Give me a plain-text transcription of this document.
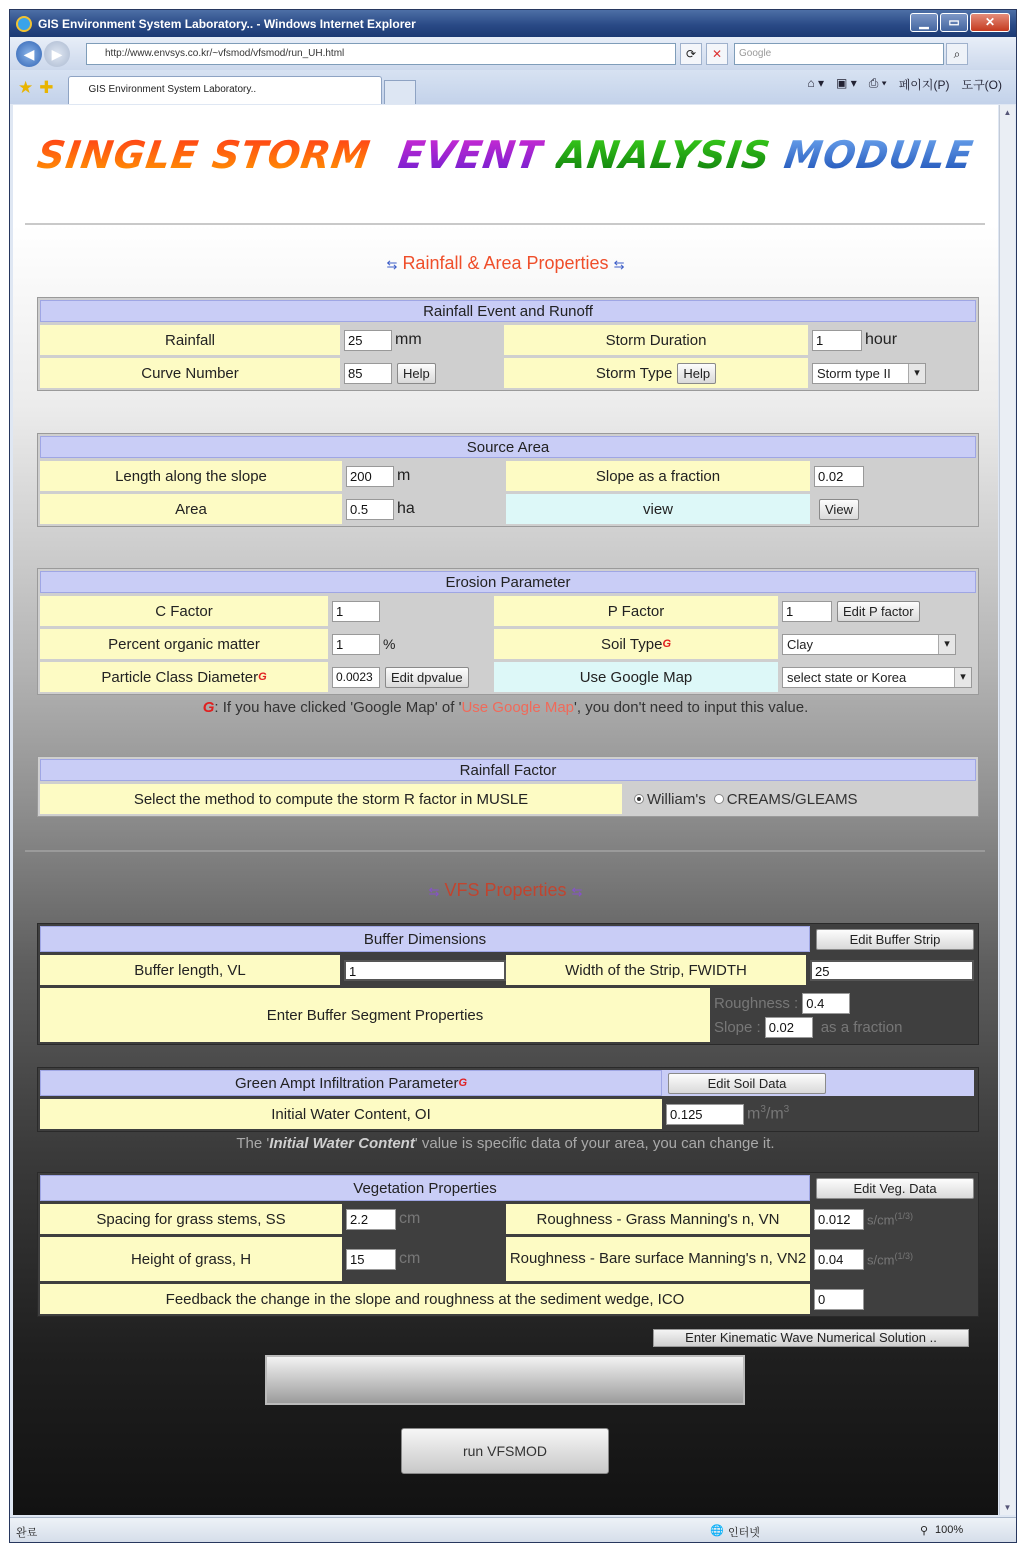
GIS Environment System Laboratory.. - Windows Internet Explorer	▁	▭	✕
◀	▶	http://www.envsys.co.kr/~vfsmod/vfsmod/run_UH.html	⟳	✕	Google	⌕
★ ✚	GIS Environment System Laboratory..	⌂ ▾ ▣ ▾ ⎙ ▾ 페이지(P) 도구(O)
SINGLE STORM EVENT ANALYSIS MODULE
⇆ Rainfall & Area Properties ⇆
Rainfall Event and Runoff
Rainfall	25	mm	Storm Duration	1	hour
Curve Number	85	Help	Storm Type Help	Storm type II ▾
Source Area
Length along the slope	200	m	Slope as a fraction	0.02
Area	0.5	ha	view	View
Erosion Parameter
C Factor	1	P Factor	1	Edit P factor
Percent organic matter	1	%	Soil Type G	Clay ▾
Particle Class Diameter G	0.0023	Edit dpvalue	Use Google Map	select state or Korea ▾
G: If you have clicked 'Google Map' of 'Use Google Map', you don't need to input this value.
Rainfall Factor
Select the method to compute the storm R factor in MUSLE	William's CREAMS/GLEAMS
⇆ VFS Properties ⇆
Buffer Dimensions	Edit Buffer Strip
Buffer length, VL	1	Width of the Strip, FWIDTH	25
Enter Buffer Segment Properties
Roughness : 0.4
Slope : 0.02	as a fraction
Green Ampt Infiltration Parameter G	Edit Soil Data
Initial Water Content, OI	0.125	$m^3/m^3$
The 'Initial Water Content' value is specific data of your area, you can change it.
Vegetation Properties	Edit Veg. Data
Spacing for grass stems, SS	2.2	cm	Roughness - Grass Manning's n, VN	0.012	$s/cm^{(1/3)}$
Height of grass, H	15	cm	Roughness - Bare surface Manning's n, VN2 0.04	$s/cm^{(1/3)}$
Feedback the change in the slope and roughness at the sediment wedge, ICO	0
Enter Kinematic Wave Numerical Solution ..
run VFSMOD
▲
▼
완료	🌐 인터넷	⚲ 100%
